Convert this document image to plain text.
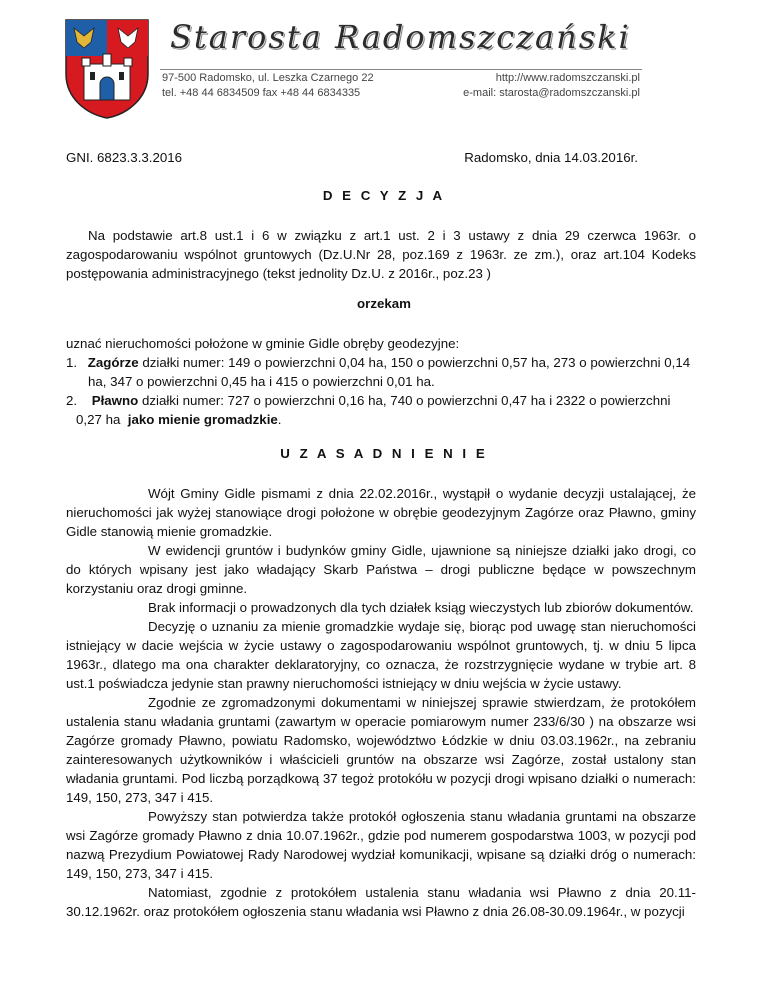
Starosta Radomszczański
97-500 Radomsko, ul. Leszka Czarnego 22
tel. +48 44 6834509 fax +48 44 6834335
http://www.radomszczanski.pl
e-mail: starosta@radomszczanski.pl
GNI. 6823.3.3.2016	Radomsko, dnia 14.03.2016r.
D E C Y Z J A
Na podstawie art.8 ust.1 i 6 w związku z art.1 ust. 2 i 3 ustawy z dnia 29 czerwca 1963r. o zagospodarowaniu wspólnot gruntowych (Dz.U.Nr 28, poz.169 z 1963r. ze zm.), oraz art.104 Kodeks postępowania administracyjnego (tekst jednolity Dz.U. z 2016r., poz.23 )
orzekam
uznać nieruchomości położone w gminie Gidle obręby geodezyjne:
1. Zagórze działki numer: 149 o powierzchni 0,04 ha, 150 o powierzchni 0,57 ha, 273 o powierzchni 0,14
ha, 347 o powierzchni 0,45 ha i 415 o powierzchni 0,01 ha.
2. Pławno działki numer: 727 o powierzchni 0,16 ha, 740 o powierzchni 0,47 ha i 2322 o powierzchni
0,27 ha  jako mienie gromadzkie.
U Z A S A D N I E N I E

Wójt Gminy Gidle pismami z dnia 22.02.2016r., wystąpił o wydanie decyzji ustalającej, że nieruchomości jak wyżej stanowiące drogi położone w obrębie geodezyjnym Zagórze oraz Pławno, gminy Gidle stanowią mienie gromadzkie.

W ewidencji gruntów i budynków gminy Gidle, ujawnione są niniejsze działki jako drogi, co do których wpisany jest jako władający Skarb Państwa – drogi publiczne będące w powszechnym korzystaniu oraz drogi gminne.

Brak informacji o prowadzonych dla tych działek ksiąg wieczystych lub zbiorów dokumentów.

Decyzję o uznaniu za mienie gromadzkie wydaje się, biorąc pod uwagę stan nieruchomości istniejący w dacie wejścia w życie ustawy o zagospodarowaniu wspólnot gruntowych, tj. w dniu 5 lipca 1963r., dlatego ma ona charakter deklaratoryjny, co oznacza, że rozstrzygnięcie wydane w trybie art. 8 ust.1 poświadcza jedynie stan prawny nieruchomości istniejący w dniu wejścia w życie ustawy.

Zgodnie ze zgromadzonymi dokumentami w niniejszej sprawie stwierdzam, że protokółem ustalenia stanu władania gruntami (zawartym w operacie pomiarowym numer 233/6/30 ) na obszarze wsi Zagórze gromady Pławno, powiatu Radomsko, województwo Łódzkie w dniu 03.03.1962r., na zebraniu zainteresowanych użytkowników i właścicieli gruntów na obszarze wsi Zagórze, został ustalony stan władania gruntami. Pod liczbą porządkową 37 tegoż protokółu w pozycji drogi wpisano działki o numerach: 149, 150, 273, 347 i 415.

Powyższy stan potwierdza także protokół ogłoszenia stanu władania gruntami na obszarze wsi Zagórze gromady Pławno z dnia 10.07.1962r., gdzie pod numerem gospodarstwa 1003, w pozycji pod nazwą Prezydium Powiatowej Rady Narodowej wydział komunikacji, wpisane są działki dróg o numerach: 149, 150, 273, 347 i 415.

Natomiast, zgodnie z protokółem ustalenia stanu władania wsi Pławno z dnia 20.11-30.12.1962r. oraz protokółem ogłoszenia stanu władania wsi Pławno z dnia 26.08-30.09.1964r., w pozycji
